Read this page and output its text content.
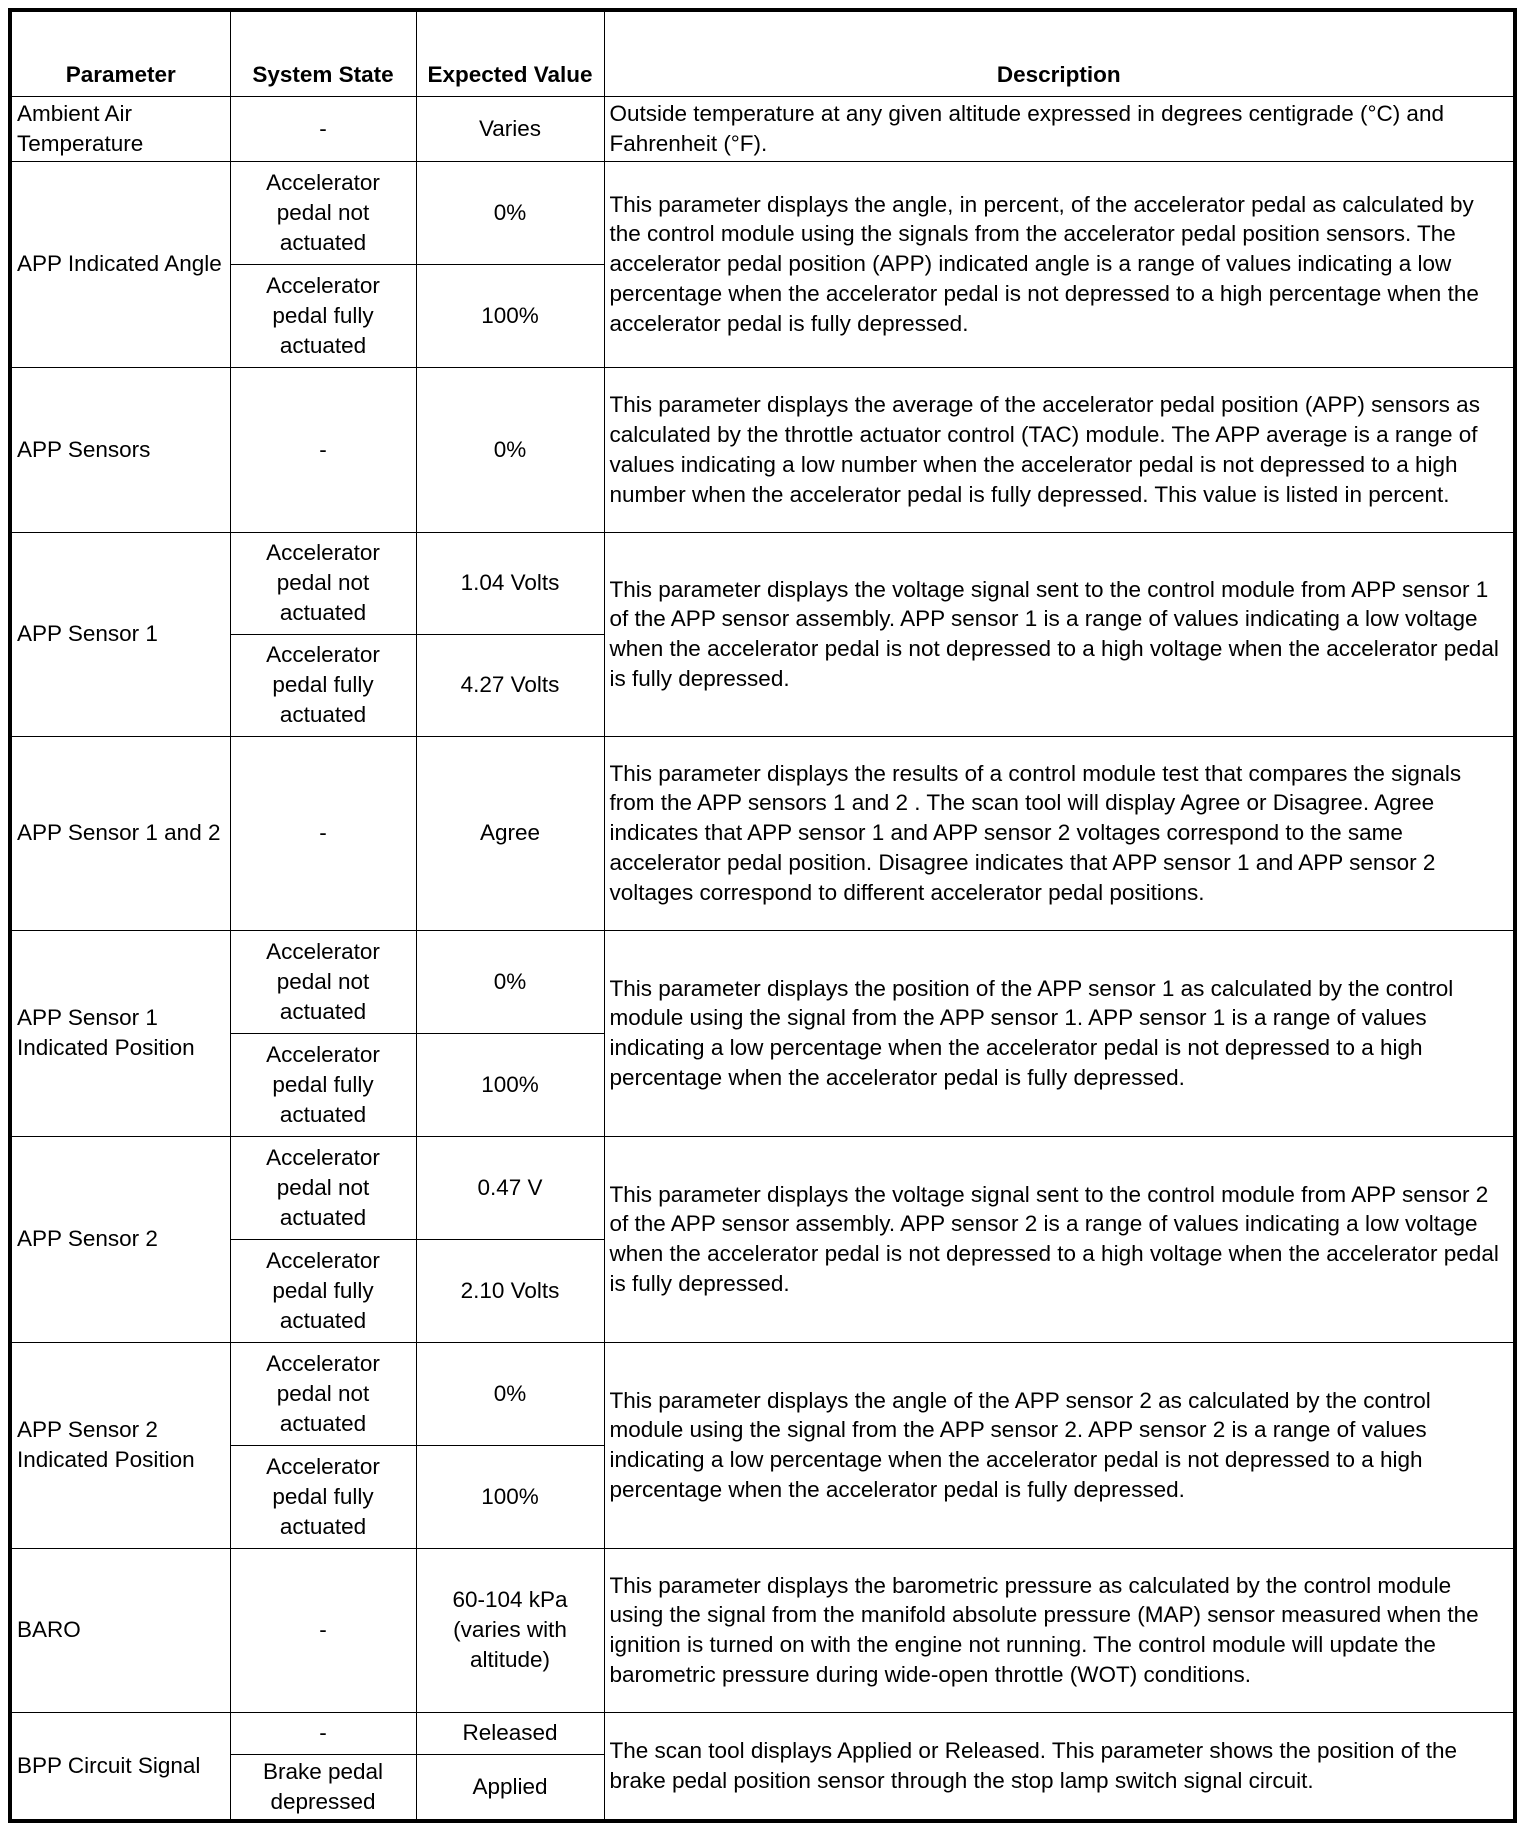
Parameter	System State	Expected Value	Description
Ambient Air Temperature	-	Varies	Outside temperature at any given altitude expressed in degrees centigrade (°C) and Fahrenheit (°F).
APP Indicated Angle	Accelerator pedal not actuated	0%	This parameter displays the angle, in percent, of the accelerator pedal as calculated by the control module using the signals from the accelerator pedal position sensors. The accelerator pedal position (APP) indicated angle is a range of values indicating a low percentage when the accelerator pedal is not depressed to a high percentage when the accelerator pedal is fully depressed.
	Accelerator pedal fully actuated	100%	
APP Sensors	-	0%	This parameter displays the average of the accelerator pedal position (APP) sensors as calculated by the throttle actuator control (TAC) module. The APP average is a range of values indicating a low number when the accelerator pedal is not depressed to a high number when the accelerator pedal is fully depressed. This value is listed in percent.
APP Sensor 1	Accelerator pedal not actuated	1.04 Volts	This parameter displays the voltage signal sent to the control module from APP sensor 1 of the APP sensor assembly. APP sensor 1 is a range of values indicating a low voltage when the accelerator pedal is not depressed to a high voltage when the accelerator pedal is fully depressed.
	Accelerator pedal fully actuated	4.27 Volts	
APP Sensor 1 and 2	-	Agree	This parameter displays the results of a control module test that compares the signals from the APP sensors 1 and 2 . The scan tool will display Agree or Disagree. Agree indicates that APP sensor 1 and APP sensor 2 voltages correspond to the same accelerator pedal position. Disagree indicates that APP sensor 1 and APP sensor 2 voltages correspond to different accelerator pedal positions.
APP Sensor 1 Indicated Position	Accelerator pedal not actuated	0%	This parameter displays the position of the APP sensor 1 as calculated by the control module using the signal from the APP sensor 1. APP sensor 1 is a range of values indicating a low percentage when the accelerator pedal is not depressed to a high percentage when the accelerator pedal is fully depressed.
	Accelerator pedal fully actuated	100%	
APP Sensor 2	Accelerator pedal not actuated	0.47 V	This parameter displays the voltage signal sent to the control module from APP sensor 2 of the APP sensor assembly. APP sensor 2 is a range of values indicating a low voltage when the accelerator pedal is not depressed to a high voltage when the accelerator pedal is fully depressed.
	Accelerator pedal fully actuated	2.10 Volts	
APP Sensor 2 Indicated Position	Accelerator pedal not actuated	0%	This parameter displays the angle of the APP sensor 2 as calculated by the control module using the signal from the APP sensor 2. APP sensor 2 is a range of values indicating a low percentage when the accelerator pedal is not depressed to a high percentage when the accelerator pedal is fully depressed.
	Accelerator pedal fully actuated	100%	
BARO	-	60-104 kPa (varies with altitude)	This parameter displays the barometric pressure as calculated by the control module using the signal from the manifold absolute pressure (MAP) sensor measured when the ignition is turned on with the engine not running. The control module will update the barometric pressure during wide-open throttle (WOT) conditions.
BPP Circuit Signal	-	Released	The scan tool displays Applied or Released. This parameter shows the position of the brake pedal position sensor through the stop lamp switch signal circuit.
	Brake pedal depressed	Applied	
